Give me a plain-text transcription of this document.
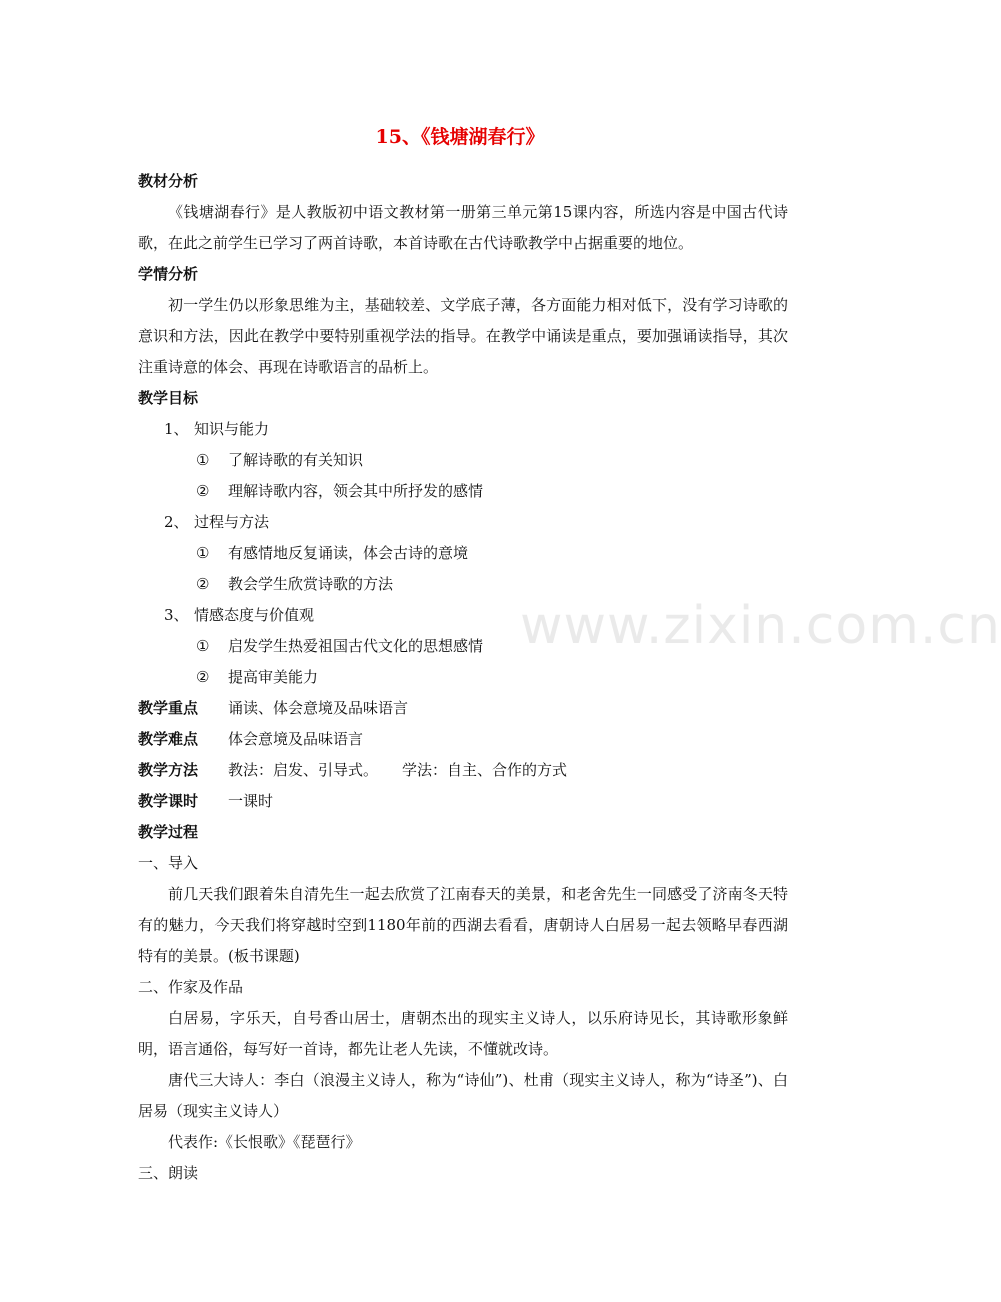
15、《钱塘湖春行》
www.zixin.com.cn
教材分析
《钱塘湖春行》是人教版初中语文教材第一册第三单元第15课内容，所选内容是中国古代诗歌，在此之前学生已学习了两首诗歌，本首诗歌在古代诗歌教学中占据重要的地位。
学情分析
初一学生仍以形象思维为主，基础较差、文学底子薄，各方面能力相对低下，没有学习诗歌的意识和方法，因此在教学中要特别重视学法的指导。在教学中诵读是重点，要加强诵读指导，其次注重诗意的体会、再现在诗歌语言的品析上。
教学目标
1、 知识与能力
① 了解诗歌的有关知识
② 理解诗歌内容，领会其中所抒发的感情
2、 过程与方法
① 有感情地反复诵读，体会古诗的意境
② 教会学生欣赏诗歌的方法
3、 情感态度与价值观
① 启发学生热爱祖国古代文化的思想感情
② 提高审美能力
教学重点 诵读、体会意境及品味语言
教学难点 体会意境及品味语言
教学方法 教法：启发、引导式。 学法：自主、合作的方式
教学课时 一课时
教学过程
一、导入
前几天我们跟着朱自清先生一起去欣赏了江南春天的美景，和老舍先生一同感受了济南冬天特有的魅力，今天我们将穿越时空到1180年前的西湖去看看，唐朝诗人白居易一起去领略早春西湖特有的美景。(板书课题)
二、作家及作品
白居易，字乐天，自号香山居士，唐朝杰出的现实主义诗人，以乐府诗见长，其诗歌形象鲜明，语言通俗，每写好一首诗，都先让老人先读，不懂就改诗。
唐代三大诗人：李白（浪漫主义诗人，称为“诗仙”)、杜甫（现实主义诗人，称为“诗圣”)、白居易（现实主义诗人）
代表作:《长恨歌》《琵琶行》
三、朗读
